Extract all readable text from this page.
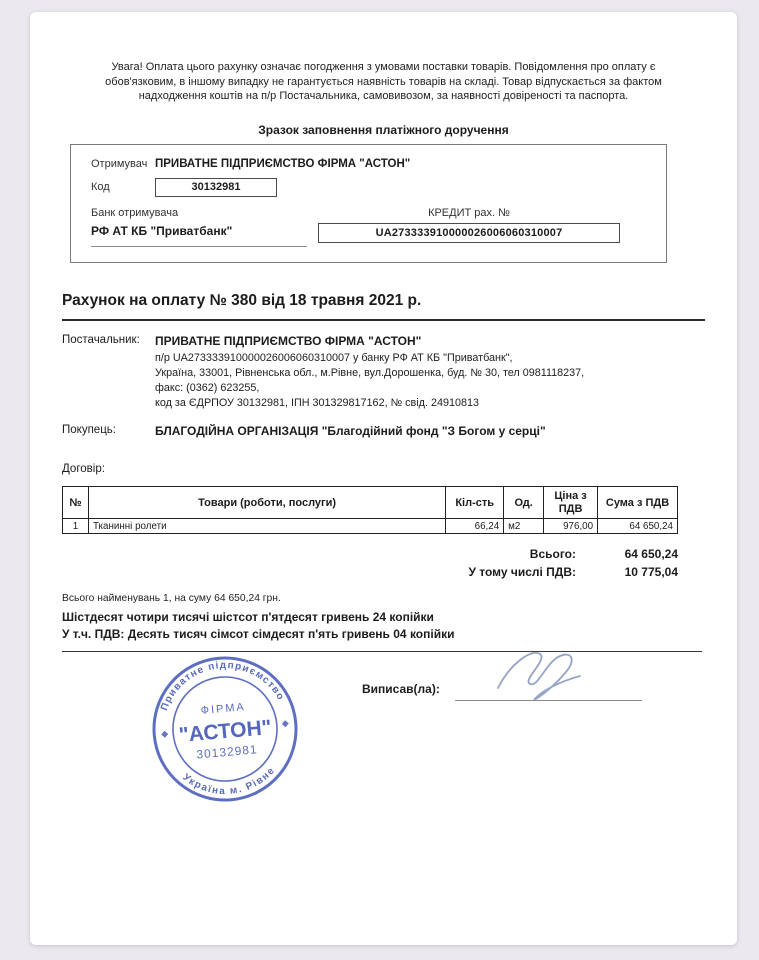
Увага! Оплата цього рахунку означає погодження з умовами поставки товарів. Повідомлення про оплату є обов'язковим, в іншому випадку не гарантується наявність товарів на складі. Товар відпускається за фактом надходження коштів на п/р Постачальника, самовивозом, за наявності довіреності та паспорта.

Зразок заповнення платіжного доручення
Отримувач ПРИВАТНЕ ПІДПРИЄМСТВО ФІРМА "АСТОН"
Код	30132981
Банк отримувача
РФ АТ КБ "Приватбанк"
КРЕДИТ рах. №
UA273333910000026006060310007
Рахунок на оплату № 380 від 18 травня 2021 р.
Постачальник:	ПРИВАТНЕ ПІДПРИЄМСТВО ФІРМА "АСТОН"
п/р UA273333910000026006060310007 у банку РФ АТ КБ "Приватбанк",
Україна, 33001, Рівненська обл., м.Рівне, вул.Дорошенка, буд. № 30, тел 0981118237,
факс: (0362) 623255,
код за ЄДРПОУ 30132981, ІПН 301329817162, № свід. 24910813
Покупець:	БЛАГОДІЙНА ОРГАНІЗАЦІЯ "Благодійний фонд "З Богом у серці"
Договір:
№	Товари (роботи, послуги)	Кіл-сть	Од.	Ціна з ПДВ	Сума з ПДВ
1	Тканинні ролети	66,24	м2	976,00	64 650,24
Всього:	64 650,24
У тому числі ПДВ:	10 775,04
Всього найменувань 1, на суму 64 650,24 грн.
Шістдесят чотири тисячі шістсот п'ятдесят гривень 24 копійки
У т.ч. ПДВ: Десять тисяч сімсот сімдесят п'ять гривень 04 копійки
Приватне підприємство
Україна м. Рівне
ФІРМА
"АСТОН"
30132981
Виписав(ла):
